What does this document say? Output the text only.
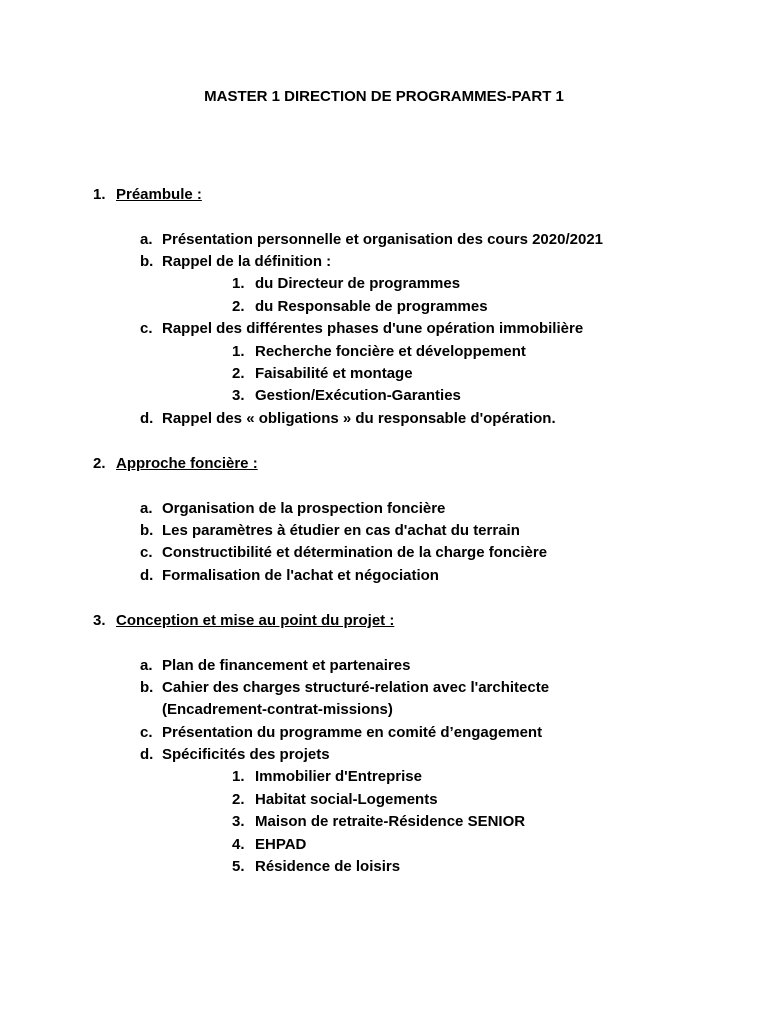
MASTER 1 DIRECTION DE PROGRAMMES-PART 1
1. Préambule :
a. Présentation personnelle et organisation des cours 2020/2021
b. Rappel de la définition :
1. du Directeur de programmes
2. du Responsable de programmes
c. Rappel des différentes phases d'une opération immobilière
1. Recherche foncière et développement
2. Faisabilité et montage
3. Gestion/Exécution-Garanties
d. Rappel des « obligations » du responsable d'opération.
2. Approche foncière :
a. Organisation de la prospection foncière
b. Les paramètres à étudier en cas d'achat du terrain
c. Constructibilité et détermination de la charge foncière
d. Formalisation de l'achat et négociation
3. Conception et mise au point du projet :
a. Plan de financement et partenaires
b. Cahier des charges structuré-relation avec l'architecte
(Encadrement-contrat-missions)
c. Présentation du programme en comité d’engagement
d. Spécificités des projets
1. Immobilier d'Entreprise
2. Habitat social-Logements
3. Maison de retraite-Résidence SENIOR
4. EHPAD
5. Résidence de loisirs
